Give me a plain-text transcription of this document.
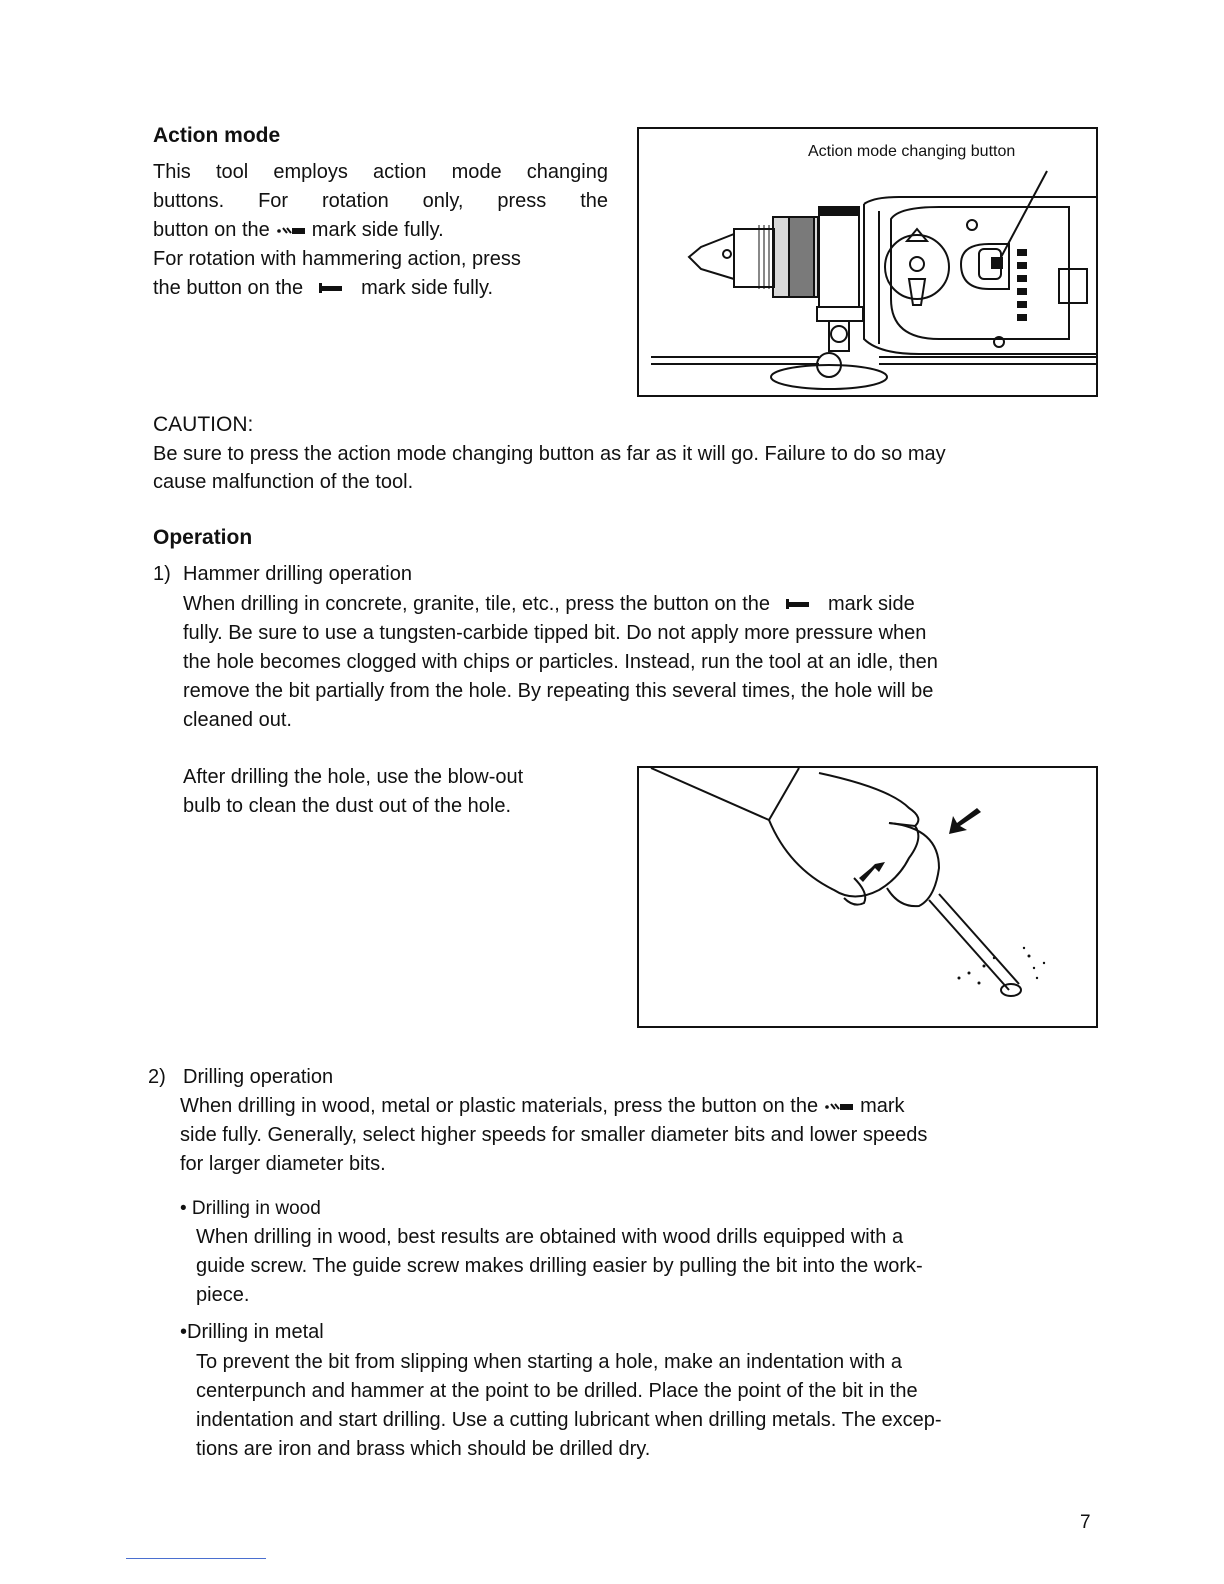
Action mode
This tool employs action mode changing
buttons. For rotation only, press the
button on the mark side fully.
For rotation with hammering action, press
the button on the	mark side fully.
Action mode changing button
CAUTION:
Be sure to press the action mode changing button as far as it will go. Failure to do so may
cause malfunction of the tool.
Operation
1) Hammer drilling operation
When drilling in concrete, granite, tile, etc., press the button on the	mark side
fully. Be sure to use a tungsten-carbide tipped bit. Do not apply more pressure when
the hole becomes clogged with chips or particles. Instead, run the tool at an idle, then
remove the bit partially from the hole. By repeating this several times, the hole will be
cleaned out.
After drilling the hole, use the blow-out
bulb to clean the dust out of the hole.
2) Drilling operation
When drilling in wood, metal or plastic materials, press the button on the mark
side fully. Generally, select higher speeds for smaller diameter bits and lower speeds
for larger diameter bits.
• Drilling in wood
When drilling in wood, best results are obtained with wood drills equipped with a
guide screw. The guide screw makes drilling easier by pulling the bit into the work-
piece.
•Drilling in metal
To prevent the bit from slipping when starting a hole, make an indentation with a
centerpunch and hammer at the point to be drilled. Place the point of the bit in the
indentation and start drilling. Use a cutting lubricant when drilling metals. The excep-
tions are iron and brass which should be drilled dry.
7
